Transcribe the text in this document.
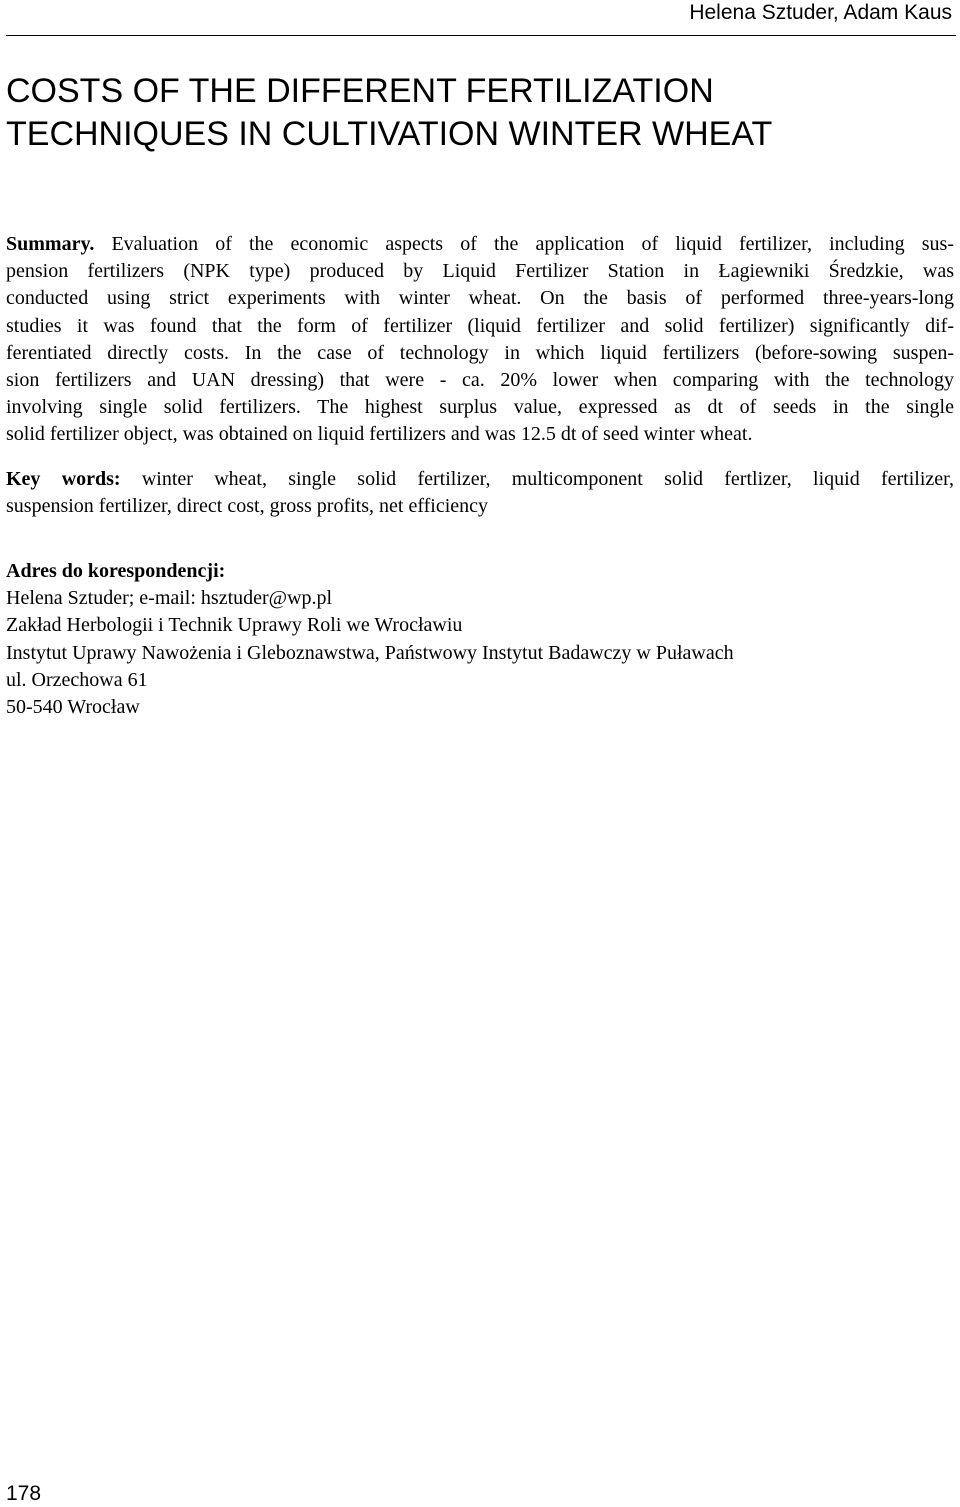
Helena Sztuder, Adam Kaus
COSTS OF THE DIFFERENT FERTILIZATION
TECHNIQUES IN CULTIVATION WINTER WHEAT

Summary. Evaluation of the economic aspects of the application of liquid fertilizer, including sus-
pension fertilizers (NPK type) produced by Liquid Fertilizer Station in Łagiewniki Średzkie, was
conducted using strict experiments with winter wheat. On the basis of performed three-years-long
studies it was found that the form of fertilizer (liquid fertilizer and solid fertilizer) significantly dif-
ferentiated directly costs. In the case of technology in which liquid fertilizers (before-sowing suspen-
sion fertilizers and UAN dressing) that were - ca. 20% lower when comparing with the technology
involving single solid fertilizers. The highest surplus value, expressed as dt of seeds in the single
solid fertilizer object, was obtained on liquid fertilizers and was 12.5 dt of seed winter wheat.

Key words: winter wheat, single solid fertilizer, multicomponent solid fertlizer, liquid fertilizer,
suspension fertilizer, direct cost, gross profits, net efficiency

Adres do korespondencji:
Helena Sztuder; e-mail: hsztuder@wp.pl
Zakład Herbologii i Technik Uprawy Roli we Wrocławiu
Instytut Uprawy Nawożenia i Gleboznawstwa, Państwowy Instytut Badawczy w Puławach
ul. Orzechowa 61
50-540 Wrocław
178
